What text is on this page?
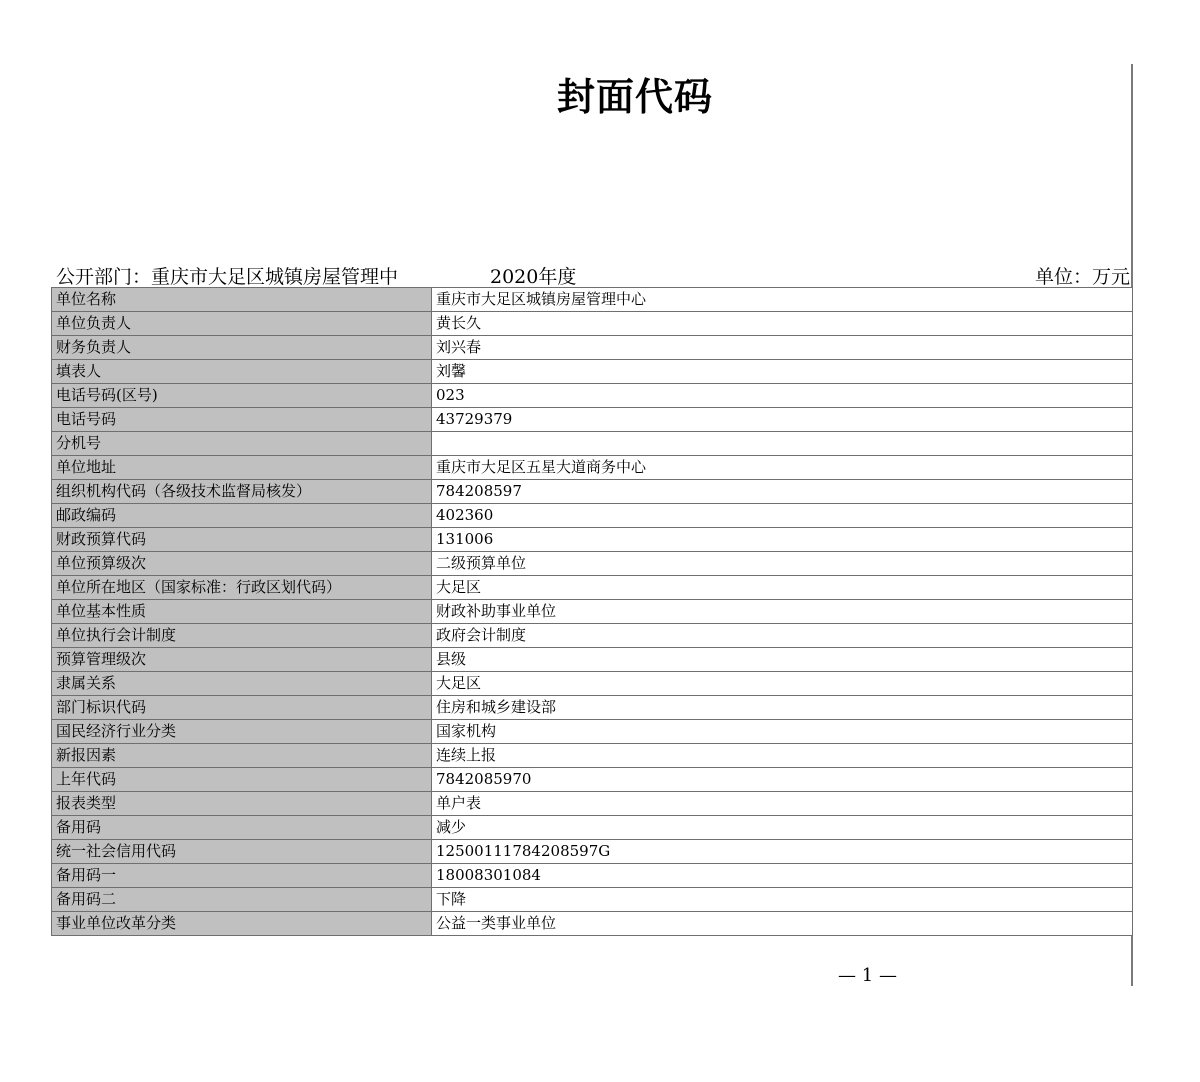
封面代码
公开部门：重庆市大足区城镇房屋管理中	2020年度	单位：万元
单位名称	重庆市大足区城镇房屋管理中心
单位负责人	黄长久
财务负责人	刘兴春
填表人	刘馨
电话号码(区号)	023
电话号码	43729379
分机号	
单位地址	重庆市大足区五星大道商务中心
组织机构代码（各级技术监督局核发）	784208597
邮政编码	402360
财政预算代码	131006
单位预算级次	二级预算单位
单位所在地区（国家标准：行政区划代码）	大足区
单位基本性质	财政补助事业单位
单位执行会计制度	政府会计制度
预算管理级次	县级
隶属关系	大足区
部门标识代码	住房和城乡建设部
国民经济行业分类	国家机构
新报因素	连续上报
上年代码	7842085970
报表类型	单户表
备用码	减少
统一社会信用代码	12500111784208597G
备用码一	18008301084
备用码二	下降
事业单位改革分类	公益一类事业单位
— 1 —
